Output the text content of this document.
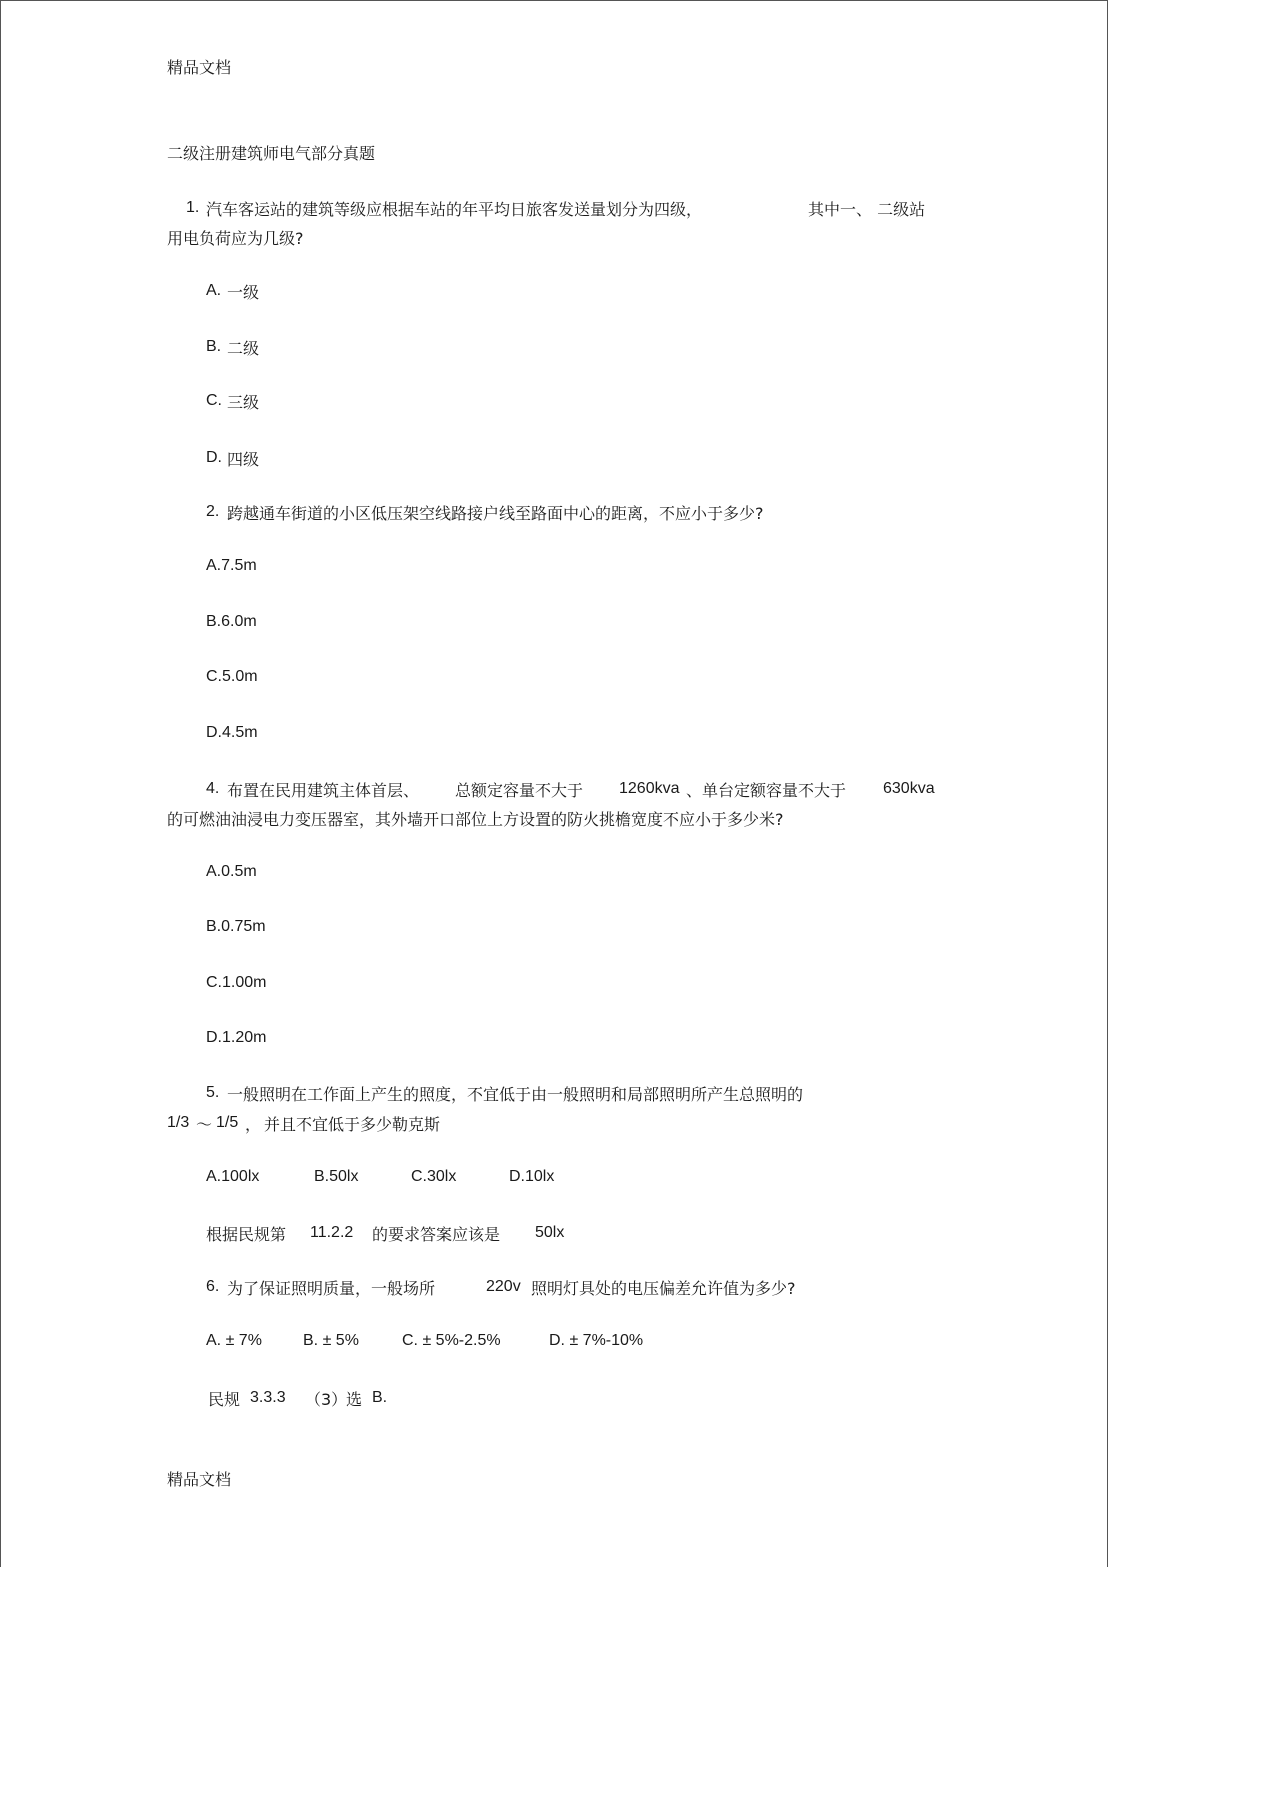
精品文档
二级注册建筑师电气部分真题
1. 汽车客运站的建筑等级应根据车站的年平均日旅客发送量划分为四级，	其中一、 二级站
用电负荷应为几级?
A. 一级
B. 二级
C. 三级
D. 四级
2. 跨越通车街道的小区低压架空线路接户线至路面中心的距离，不应小于多少?
A.7.5m
B.6.0m
C.5.0m
D.4.5m
4. 布置在民用建筑主体首层、 总额定容量不大于 1260kva 、单台定额容量不大于 630kva
的可燃油油浸电力变压器室，其外墙开口部位上方设置的防火挑檐宽度不应小于多少米?
A.0.5m
B.0.75m
C.1.00m
D.1.20m
5. 一般照明在工作面上产生的照度，不宜低于由一般照明和局部照明所产生总照明的
1/3 ～ 1/5 ， 并且不宜低于多少勒克斯
A.100lx	B.50lx	C.30lx	D.10lx
根据民规第 11.2.2 的要求答案应该是 50lx
6. 为了保证照明质量，一般场所	220v 照明灯具处的电压偏差允许值为多少?
A. ± 7%	B. ± 5%	C. ± 5%-2.5%	D. ± 7%-10%
民规 3.3.3 （3）
选 B.
精品文档
